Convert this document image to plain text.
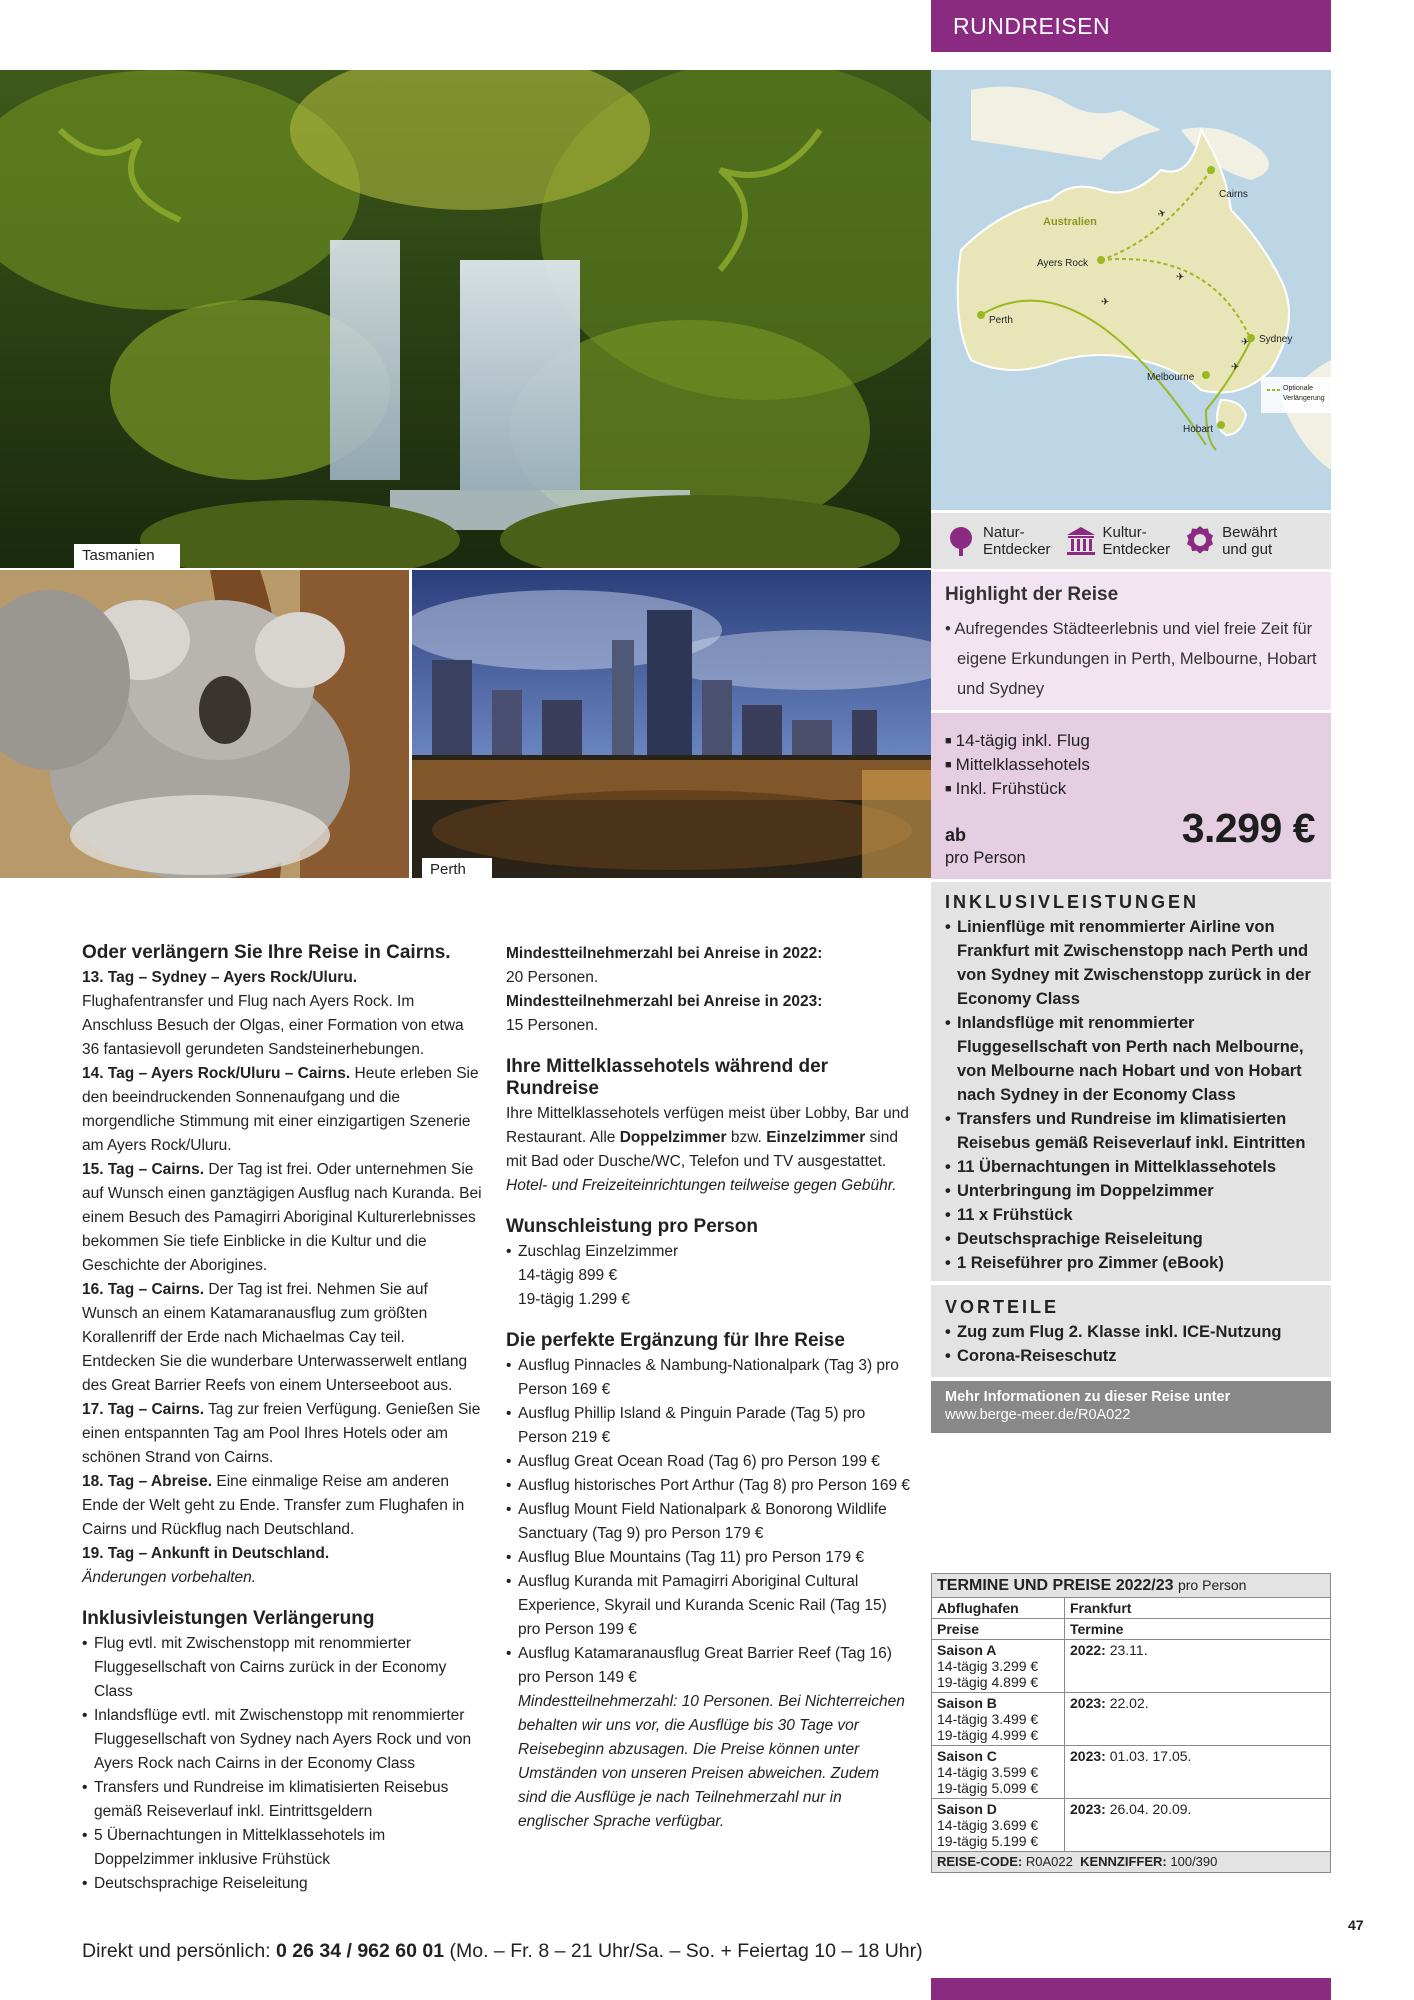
RUNDREISEN
Tasmanien
✈
✈
✈
✈
✈
Australien
Cairns
Ayers Rock
Perth
Sydney
Melbourne
Hobart
Optionale
Verlängerung
Perth
Natur-
Entdecker
Kultur-
Entdecker
Bewährt
und gut
Highlight der Reise
• Aufregendes Städteerlebnis und viel freie Zeit für eigene Erkundungen in Perth, Melbourne, Hobart und Sydney
■ 14-tägig inkl. Flug
■ Mittelklassehotels
■ Inkl. Frühstück
ab
pro Person
3.299 €
INKLUSIVLEISTUNGEN
• Linienflüge mit renommierter Airline von Frankfurt mit Zwischenstopp nach Perth und von Sydney mit Zwischenstopp zurück in der Economy Class
• Inlandsflüge mit renommierter Fluggesellschaft von Perth nach Melbourne, von Melbourne nach Hobart und von Hobart nach Sydney in der Economy Class
• Transfers und Rundreise im klimatisierten Reisebus gemäß Reiseverlauf inkl. Eintritten
• 11 Übernachtungen in Mittelklassehotels
• Unterbringung im Doppelzimmer
• 11 x Frühstück
• Deutschsprachige Reiseleitung
• 1 Reiseführer pro Zimmer (eBook)
VORTEILE
• Zug zum Flug 2. Klasse inkl. ICE-Nutzung
• Corona-Reiseschutz
Mehr Informationen zu dieser Reise unter
www.berge-meer.de/R0A022
TERMINE UND PREISE 2022/23 pro Person	
Abflughafen	Frankfurt
Preise	Termine

Saison A
14-tägig 3.299 €
19-tägig 4.899 €	2022: 23.11.

Saison B
14-tägig 3.499 €
19-tägig 4.999 €	2023: 22.02.

Saison C
14-tägig 3.599 €
19-tägig 5.099 €	2023: 01.03. 17.05.

Saison D
14-tägig 3.699 €
19-tägig 5.199 €	2023: 26.04. 20.09.
REISE-CODE: R0A022 KENNZIFFER: 100/390	
Oder verlängern Sie Ihre Reise in Cairns.
13. Tag – Sydney – Ayers Rock/Uluru. Flughafentransfer und Flug nach Ayers Rock. Im Anschluss Besuch der Olgas, einer Formation von etwa 36 fantasievoll gerundeten Sandsteinerhebungen.
14. Tag – Ayers Rock/Uluru – Cairns. Heute erleben Sie den beeindruckenden Sonnenaufgang und die morgendliche Stimmung mit einer einzigartigen Szenerie am Ayers Rock/Uluru.
15. Tag – Cairns. Der Tag ist frei. Oder unternehmen Sie auf Wunsch einen ganztägigen Ausflug nach Kuranda. Bei einem Besuch des Pamagirri Aboriginal Kulturerlebnisses bekommen Sie tiefe Einblicke in die Kultur und die Geschichte der Aborigines.
16. Tag – Cairns. Der Tag ist frei. Nehmen Sie auf Wunsch an einem Katamaranausflug zum größten Korallenriff der Erde nach Michaelmas Cay teil. Entdecken Sie die wunderbare Unterwasserwelt entlang des Great Barrier Reefs von einem Unterseeboot aus.
17. Tag – Cairns. Tag zur freien Verfügung. Genießen Sie einen entspannten Tag am Pool Ihres Hotels oder am schönen Strand von Cairns.
18. Tag – Abreise. Eine einmalige Reise am anderen Ende der Welt geht zu Ende. Transfer zum Flughafen in Cairns und Rückflug nach Deutschland.
19. Tag – Ankunft in Deutschland.
Änderungen vorbehalten.
Inklusivleistungen Verlängerung
• Flug evtl. mit Zwischenstopp mit renommierter Fluggesellschaft von Cairns zurück in der Economy Class
• Inlandsflüge evtl. mit Zwischenstopp mit renommierter Fluggesellschaft von Sydney nach Ayers Rock und von Ayers Rock nach Cairns in der Economy Class
• Transfers und Rundreise im klimatisierten Reisebus gemäß Reiseverlauf inkl. Eintrittsgeldern
• 5 Übernachtungen in Mittelklassehotels im Doppelzimmer inklusive Frühstück
• Deutschsprachige Reiseleitung
Mindestteilnehmerzahl bei Anreise in 2022:
20 Personen.
Mindestteilnehmerzahl bei Anreise in 2023:
15 Personen.
Ihre Mittelklassehotels während der Rundreise
Ihre Mittelklassehotels verfügen meist über Lobby, Bar und Restaurant. Alle Doppelzimmer bzw. Einzelzimmer sind mit Bad oder Dusche/WC, Telefon und TV ausgestattet.
Hotel- und Freizeiteinrichtungen teilweise gegen Gebühr.
Wunschleistung pro Person
• Zuschlag Einzelzimmer
14-tägig 899 €
19-tägig 1.299 €
Die perfekte Ergänzung für Ihre Reise
• Ausflug Pinnacles & Nambung-Nationalpark (Tag 3) pro Person 169 €
• Ausflug Phillip Island & Pinguin Parade (Tag 5) pro Person 219 €
• Ausflug Great Ocean Road (Tag 6) pro Person 199 €
• Ausflug historisches Port Arthur (Tag 8) pro Person 169 €
• Ausflug Mount Field Nationalpark & Bonorong Wildlife Sanctuary (Tag 9) pro Person 179 €
• Ausflug Blue Mountains (Tag 11) pro Person 179 €
• Ausflug Kuranda mit Pamagirri Aboriginal Cultural Experience, Skyrail und Kuranda Scenic Rail (Tag 15) pro Person 199 €
• Ausflug Katamaranausflug Great Barrier Reef (Tag 16) pro Person 149 €
Mindestteilnehmerzahl: 10 Personen. Bei Nichterreichen behalten wir uns vor, die Ausflüge bis 30 Tage vor Reisebeginn abzusagen. Die Preise können unter Umständen von unseren Preisen abweichen. Zudem sind die Ausflüge je nach Teilnehmerzahl nur in englischer Sprache verfügbar.
Direkt und persönlich: 0 26 34 / 962 60 01 (Mo. – Fr. 8 – 21 Uhr/Sa. – So. + Feiertag 10 – 18 Uhr)
47
